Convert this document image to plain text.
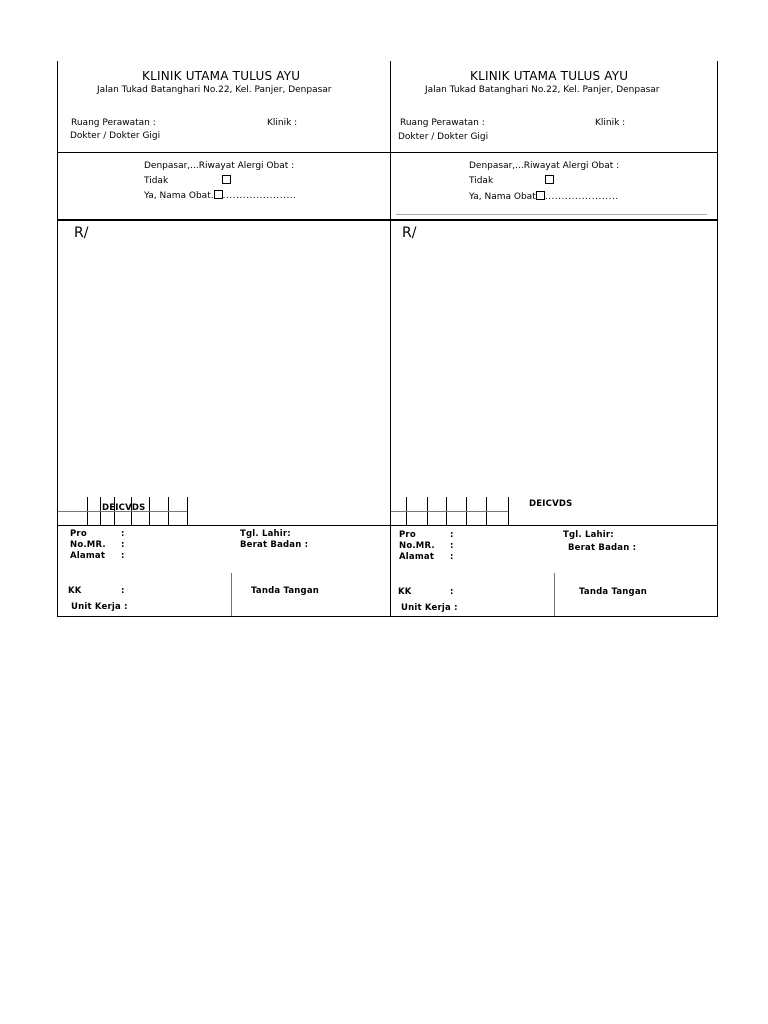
KLINIK UTAMA TULUS AYU
Jalan Tukad Batanghari No.22, Kel. Panjer, Denpasar
Ruang Perawatan :	Klinik :
Dokter / Dokter Gigi
Denpasar,...Riwayat Alergi Obat :
Tidak
Ya, Nama Obat. ......................
R/
DEICVDS
Pro	:
No.MR. :
Alamat :
Tgl. Lahir:
Berat Badan :
KK	:
Unit Kerja :
Tanda Tangan
KLINIK UTAMA TULUS AYU
Jalan Tukad Batanghari No.22, Kel. Panjer, Denpasar
Ruang Perawatan :	Klinik :
Dokter / Dokter Gigi
Denpasar,...Riwayat Alergi Obat :
Tidak
Ya, Nama Obat ......................
R/
DEICVDS
Pro	:
No.MR. :
Alamat :
Tgl. Lahir:
Berat Badan :
KK	:
Unit Kerja :
Tanda Tangan
